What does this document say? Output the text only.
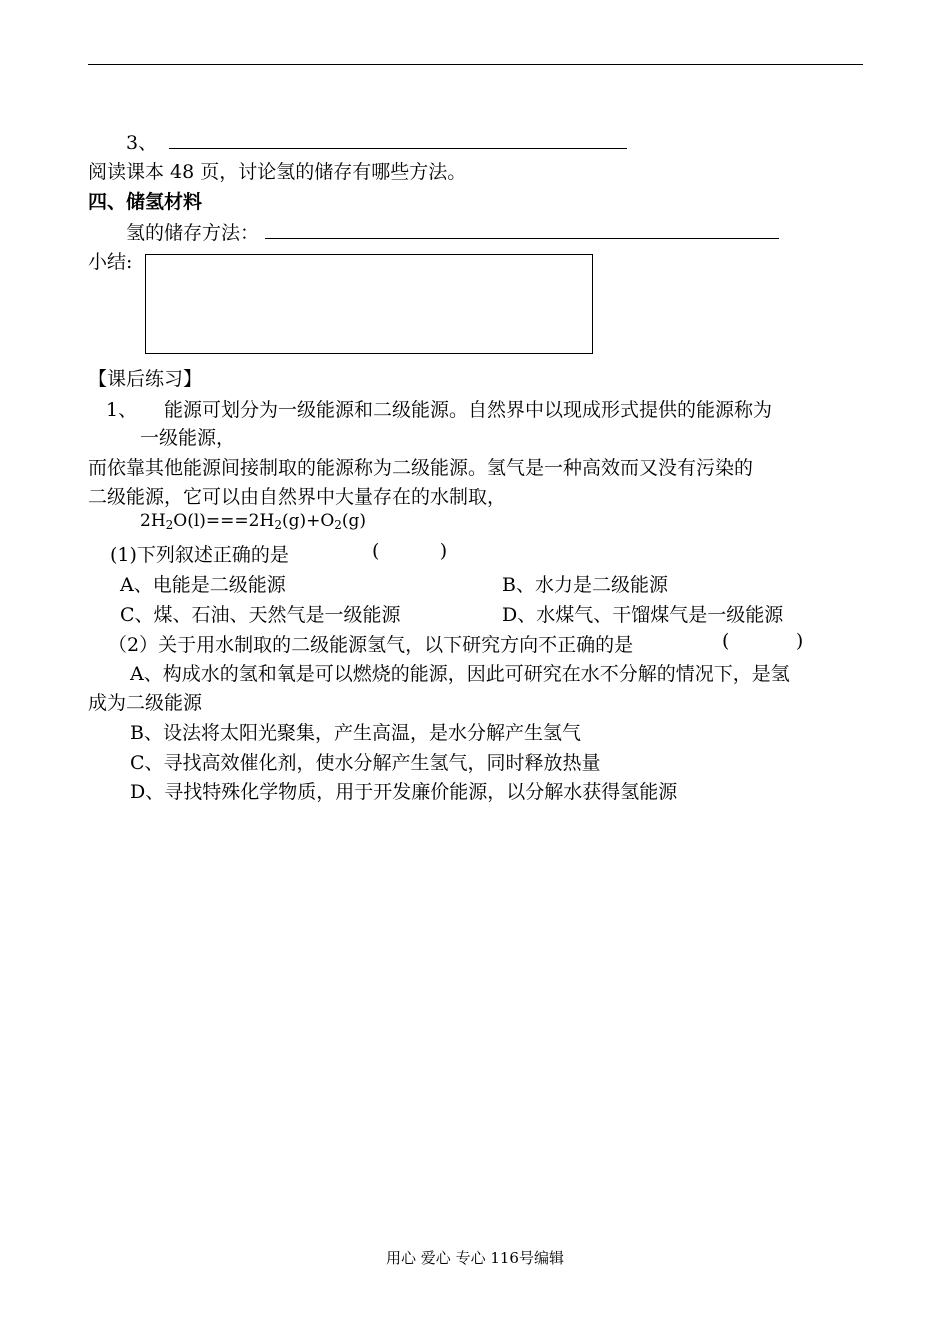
3、
阅读课本 48 页，讨论氢的储存有哪些方法。
四、储氢材料
氢的储存方法：
小结:
【课后练习】
1、 能源可划分为一级能源和二级能源。自然界中以现成形式提供的能源称为
一级能源，
而依靠其他能源间接制取的能源称为二级能源。氢气是一种高效而又没有污染的
二级能源，它可以由自然界中大量存在的水制取，
$2H_2O(l)===2H_2(g)+O_2(g)$
(1)下列叙述正确的是	(          )
A、电能是二级能源	B、水力是二级能源
C、煤、石油、天然气是一级能源	D、水煤气、干馏煤气是一级能源
（2）关于用水制取的二级能源氢气，以下研究方向不正确的是	(           )
A、构成水的氢和氧是可以燃烧的能源，因此可研究在水不分解的情况下，是氢
成为二级能源
B、设法将太阳光聚集，产生高温，是水分解产生氢气
C、寻找高效催化剂，使水分解产生氢气，同时释放热量
D、寻找特殊化学物质，用于开发廉价能源，以分解水获得氢能源
用心 爱心 专心 116号编辑
